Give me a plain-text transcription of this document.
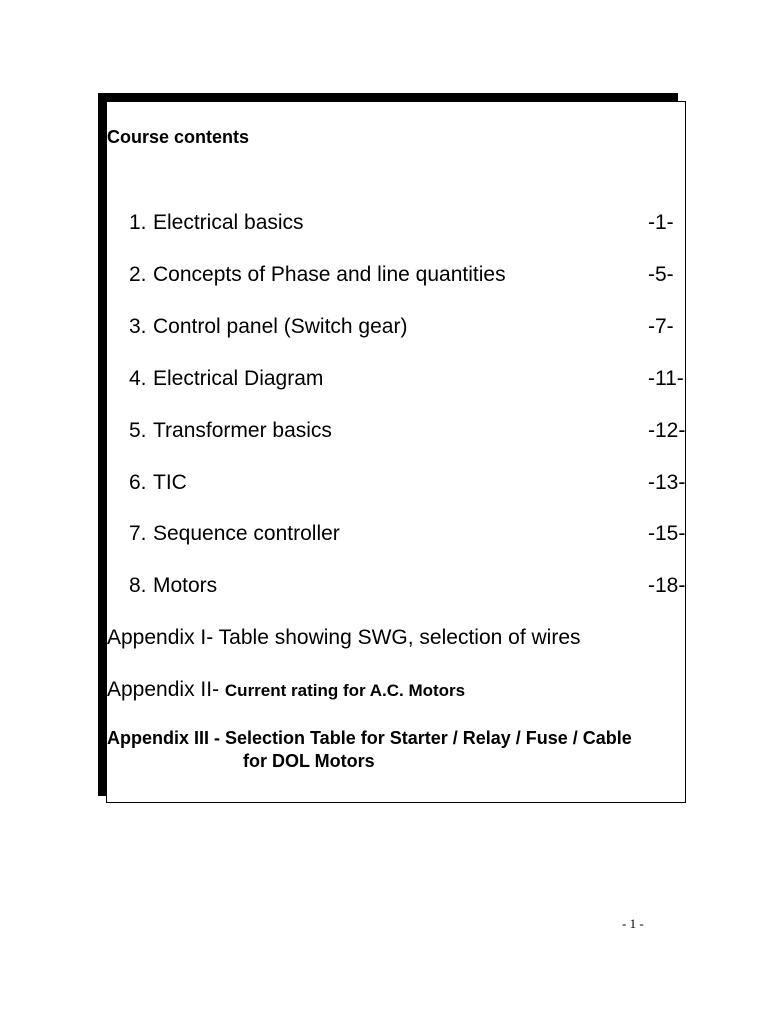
Course contents
1. Electrical basics	-1-
2. Concepts of Phase and line quantities	-5-
3. Control panel (Switch gear)	-7-
4. Electrical Diagram	-11-
5. Transformer basics	-12-
6. TIC	-13-
7. Sequence controller	-15-
8. Motors	-18-
Appendix I- Table showing SWG, selection of wires
Appendix II- Current rating for A.C. Motors
Appendix III - Selection Table for Starter / Relay / Fuse / Cable
for DOL Motors
- 1 -
